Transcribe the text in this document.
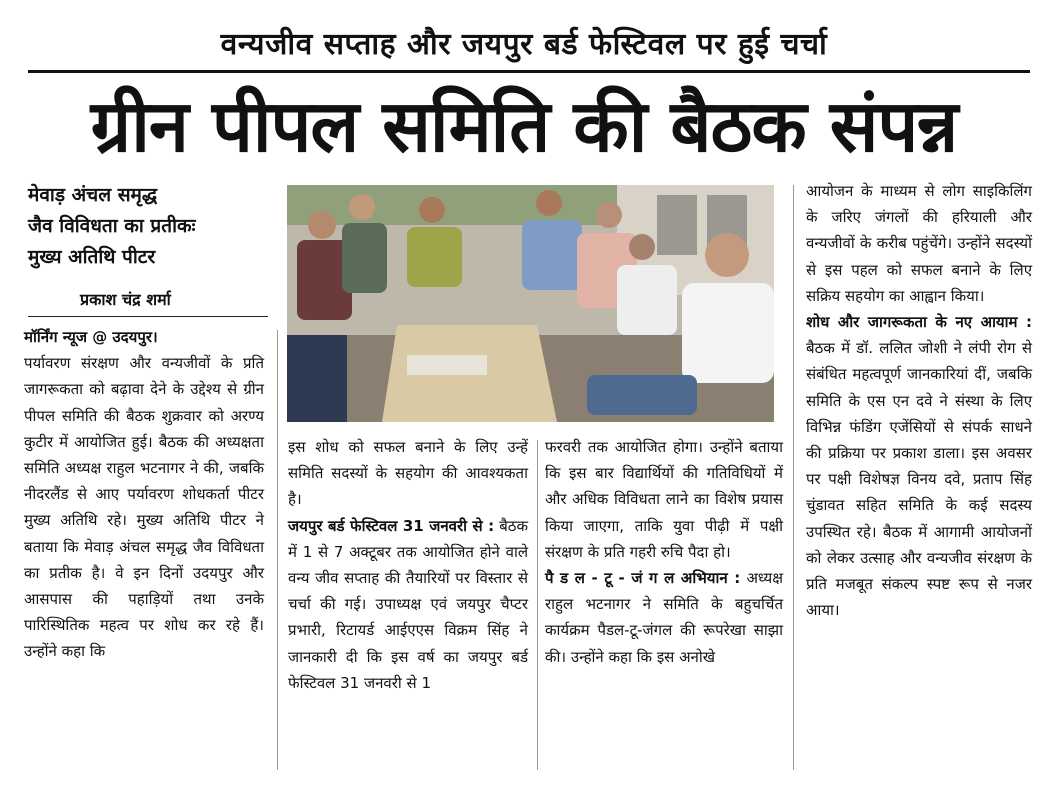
वन्यजीव सप्ताह और जयपुर बर्ड फेस्टिवल पर हुई चर्चा
ग्रीन पीपल समिति की बैठक संपन्न
मेवाड़ अंचल समृद्ध
जैव विविधता का प्रतीकः
मुख्य अतिथि पीटर
प्रकाश चंद्र शर्मा

मॉर्निंग न्यूज @ उदयपुर।

पर्यावरण संरक्षण और वन्यजीवों के प्रति जागरूकता को बढ़ावा देने के उद्देश्य से ग्रीन पीपल समिति की बैठक शुक्रवार को अरण्य कुटीर में आयोजित हुई। बैठक की अध्यक्षता समिति अध्यक्ष राहुल भटनागर ने की, जबकि नीदरलैंड से आए पर्यावरण शोधकर्ता पीटर मुख्य अतिथि रहे। मुख्य अतिथि पीटर ने बताया कि मेवाड़ अंचल समृद्ध जैव विविधता का प्रतीक है। वे इन दिनों उदयपुर और आसपास की पहाड़ियों तथा उनके पारिस्थितिक महत्व पर शोध कर रहे हैं। उन्होंने कहा कि

इस शोध को सफल बनाने के लिए उन्हें समिति सदस्यों के सहयोग की आवश्यकता है।

जयपुर बर्ड फेस्टिवल 31 जनवरी से : बैठक में 1 से 7 अक्टूबर तक आयोजित होने वाले वन्य जीव सप्ताह की तैयारियों पर विस्तार से चर्चा की गई। उपाध्यक्ष एवं जयपुर चैप्टर प्रभारी, रिटायर्ड आईएएस विक्रम सिंह ने जानकारी दी कि इस वर्ष का जयपुर बर्ड फेस्टिवल 31 जनवरी से 1

फरवरी तक आयोजित होगा। उन्होंने बताया कि इस बार विद्यार्थियों की गतिविधियों में और अधिक विविधता लाने का विशेष प्रयास किया जाएगा, ताकि युवा पीढ़ी में पक्षी संरक्षण के प्रति गहरी रुचि पैदा हो।

पै ड ल - टू - जं ग ल अभियान : अध्यक्ष राहुल भटनागर ने समिति के बहुचर्चित कार्यक्रम पैडल-टू-जंगल की रूपरेखा साझा की। उन्होंने कहा कि इस अनोखे

आयोजन के माध्यम से लोग साइकिलिंग के जरिए जंगलों की हरियाली और वन्यजीवों के करीब पहुंचेंगे। उन्होंने सदस्यों से इस पहल को सफल बनाने के लिए सक्रिय सहयोग का आह्वान किया।

शोध और जागरूकता के नए आयाम : बैठक में डॉ. ललित जोशी ने लंपी रोग से संबंधित महत्वपूर्ण जानकारियां दीं, जबकि समिति के एस एन दवे ने संस्था के लिए विभिन्न फंडिंग एजेंसियों से संपर्क साधने की प्रक्रिया पर प्रकाश डाला। इस अवसर पर पक्षी विशेषज्ञ विनय दवे, प्रताप सिंह चुंडावत सहित समिति के कई सदस्य उपस्थित रहे। बैठक में आगामी आयोजनों को लेकर उत्साह और वन्यजीव संरक्षण के प्रति मजबूत संकल्प स्पष्ट रूप से नजर आया।
